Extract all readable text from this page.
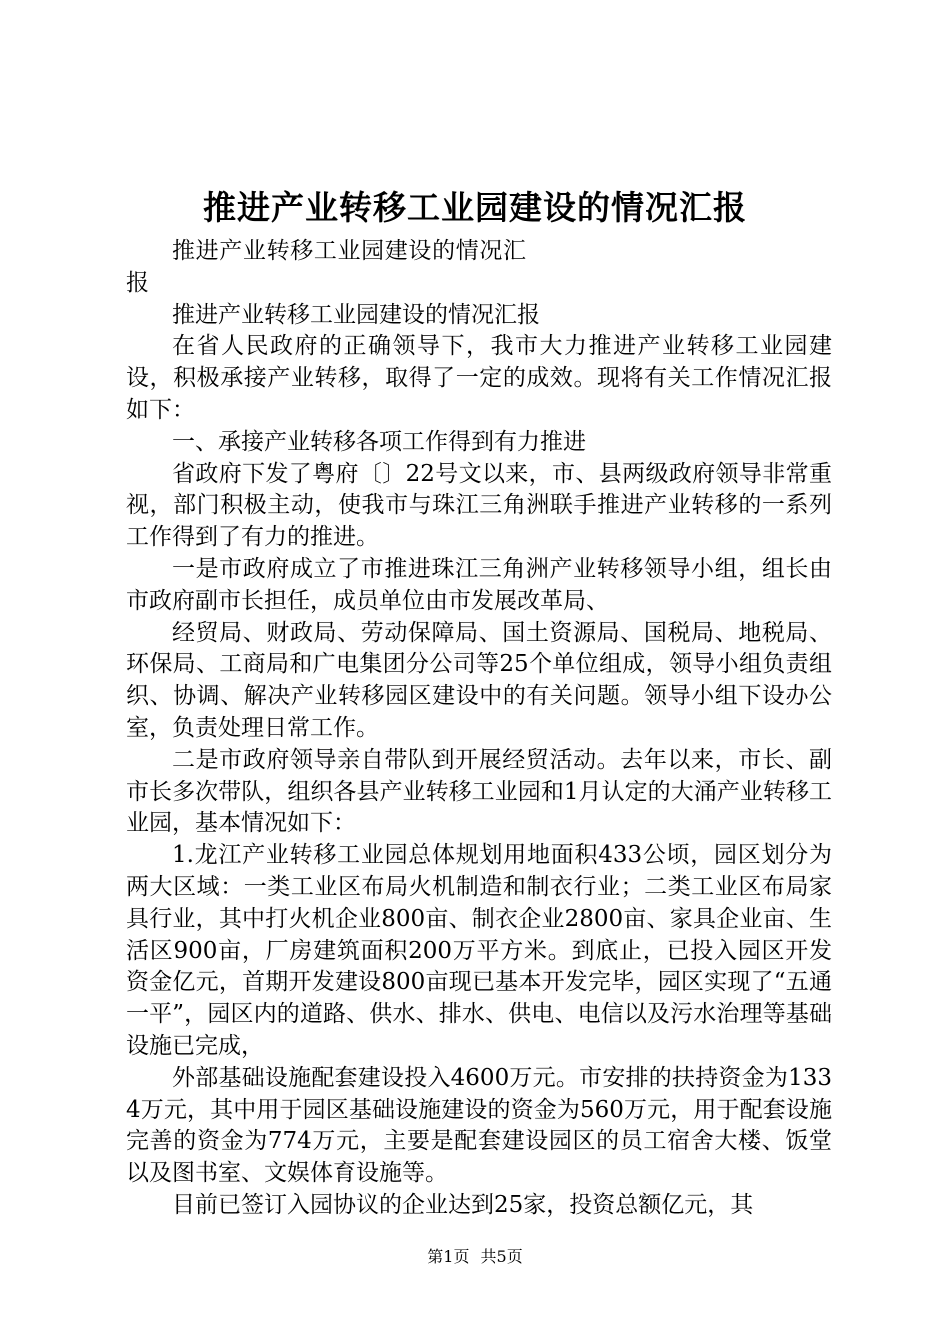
推进产业转移工业园建设的情况汇报

推进产业转移工业园建设的情况汇报

推进产业转移工业园建设的情况汇报

在省人民政府的正确领导下，我市大力推进产业转移工业园建设，积极承接产业转移，取得了一定的成效。现将有关工作情况汇报如下：

一、承接产业转移各项工作得到有力推进

省政府下发了粤府〔〕22号文以来，市、县两级政府领导非常重视，部门积极主动，使我市与珠江三角洲联手推进产业转移的一系列工作得到了有力的推进。

一是市政府成立了市推进珠江三角洲产业转移领导小组，组长由市政府副市长担任，成员单位由市发展改革局、

经贸局、财政局、劳动保障局、国土资源局、国税局、地税局、环保局、工商局和广电集团分公司等25个单位组成，领导小组负责组织、协调、解决产业转移园区建设中的有关问题。领导小组下设办公室，负责处理日常工作。

二是市政府领导亲自带队到开展经贸活动。去年以来，市长、副市长多次带队，组织各县产业转移工业园和1月认定的大涌产业转移工业园，基本情况如下：

1.龙江产业转移工业园总体规划用地面积433公顷，园区划分为两大区域：一类工业区布局火机制造和制衣行业；二类工业区布局家具行业，其中打火机企业800亩、制衣企业2800亩、家具企业亩、生活区900亩，厂房建筑面积200万平方米。到底止，已投入园区开发资金亿元，首期开发建设800亩现已基本开发完毕，园区实现了“五通一平”，园区内的道路、供水、排水、供电、电信以及污水治理等基础设施已完成，

外部基础设施配套建设投入4600万元。市安排的扶持资金为1334万元，其中用于园区基础设施建设的资金为560万元，用于配套设施完善的资金为774万元，主要是配套建设园区的员工宿舍大楼、饭堂以及图书室、文娱体育设施等。

目前已签订入园协议的企业达到25家，投资总额亿元，其

第1页 共5页
